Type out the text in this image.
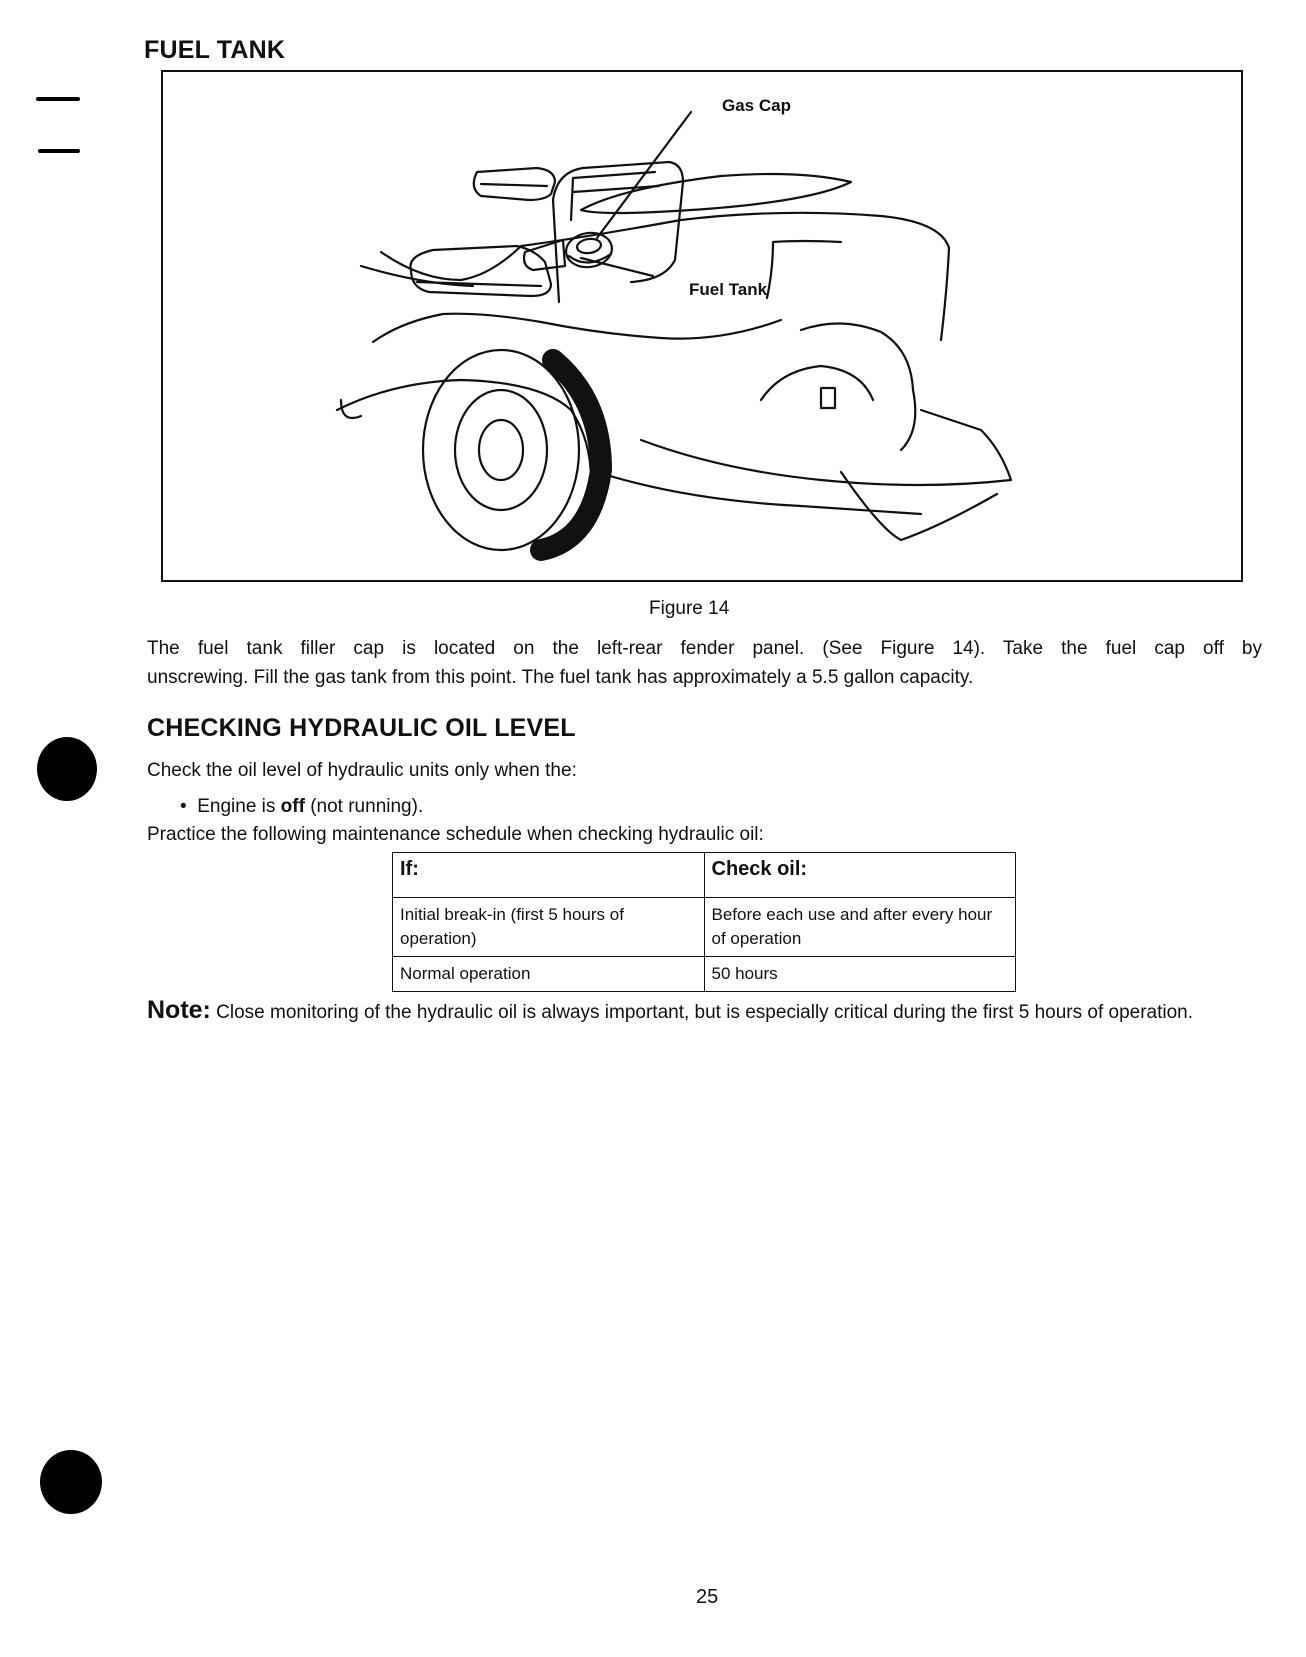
FUEL TANK
Gas Cap
Fuel Tank
Figure 14
The fuel tank filler cap is located on the left-rear fender panel. (See Figure 14). Take the fuel cap off by
unscrewing. Fill the gas tank from this point. The fuel tank has approximately a 5.5 gallon capacity.
CHECKING HYDRAULIC OIL LEVEL
Check the oil level of hydraulic units only when the:
•  Engine is off (not running).
Practice the following maintenance schedule when checking hydraulic oil:
If:	Check oil:
Initial break-in (first 5 hours of operation)	Before each use and after every hour of operation
Normal operation	50 hours
Note: Close monitoring of the hydraulic oil is always important, but is especially critical during the first 5 hours of operation.
25
